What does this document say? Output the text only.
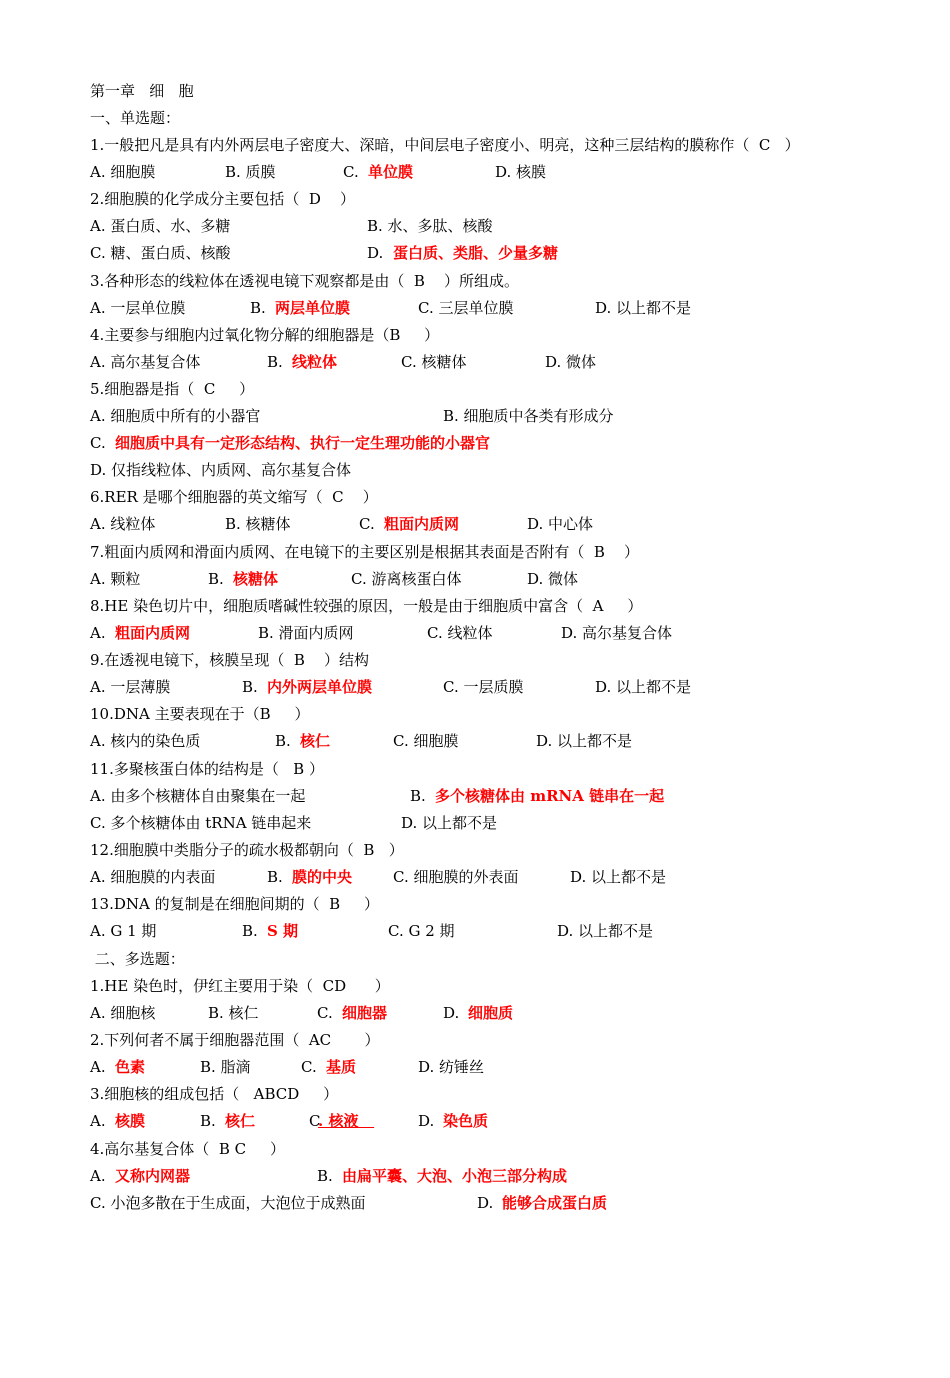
第一章   细   胞
一、单选题：
1.一般把凡是具有内外两层电子密度大、深暗，中间层电子密度小、明亮，这种三层结构的膜称作（  C   ）

A. 细胞膜

	B. 质膜

	C.

单位膜

	D. 核膜

2.细胞膜的化学成分主要包括（  D    ）

A. 蛋白质、水、多糖

	B. 水、多肽、核酸

C. 糖、蛋白质、核酸

	D.

蛋白质、类脂、少量多糖

3.各种形态的线粒体在透视电镜下观察都是由（  B    ）所组成。

A. 一层单位膜

	B.

两层单位膜

	C. 三层单位膜

	D. 以上都不是

4.主要参与细胞内过氧化物分解的细胞器是（B     ）

A. 高尔基复合体

	B.

线粒体

	C. 核糖体

	D. 微体

5.细胞器是指（  C     ）

A. 细胞质中所有的小器官

	B. 细胞质中各类有形成分

C.

细胞质中具有一定形态结构、执行一定生理功能的小器官

D. 仅指线粒体、内质网、高尔基复合体

6.RER 是哪个细胞器的英文缩写（  C    ）

A. 线粒体

	B. 核糖体

	C.

粗面内质网

	D. 中心体

7.粗面内质网和滑面内质网、在电镜下的主要区别是根据其表面是否附有（  B    ）

A. 颗粒

	B.

核糖体

	C. 游离核蛋白体

	D. 微体

8.HE 染色切片中，细胞质嗜碱性较强的原因，一般是由于细胞质中富含（  A     ）

A.

粗面内质网

	B. 滑面内质网

	C. 线粒体

	D. 高尔基复合体

9.在透视电镜下，核膜呈现（  B    ）结构

A. 一层薄膜

	B.

内外两层单位膜

	C. 一层质膜

	D. 以上都不是

10.DNA 主要表现在于（B     ）

A. 核内的染色质

	B.

核仁

	C. 细胞膜

	D. 以上都不是

11.多聚核蛋白体的结构是（   B ）

A. 由多个核糖体自由聚集在一起

	B.

多个核糖体由 mRNA 链串在一起

C. 多个核糖体由 tRNA 链串起来

	D. 以上都不是

12.细胞膜中类脂分子的疏水极都朝向（  B   ）

A. 细胞膜的内表面

	B.

膜的中央

	C. 细胞膜的外表面

	D. 以上都不是

13.DNA 的复制是在细胞间期的（  B     ）

A. G 1 期

	B.

S 期

	C. G 2 期

	D. 以上都不是

二、多选题：
1.HE 染色时，伊红主要用于染（  CD      ）

A. 细胞核

	B. 核仁

	C.

细胞器

	D.

细胞质

2.下列何者不属于细胞器范围（  AC       ）

A.

色素

	B. 脂滴

	C.

基质

	D. 纺锤丝

3.细胞核的组成包括（   ABCD     ）

A.

核膜

	B.

核仁

	C

. 核液

	D.

染色质

4.高尔基复合体（  B C     ）

A.

又称内网器

	B.

由扁平囊、大泡、小泡三部分构成

C. 小泡多散在于生成面，大泡位于成熟面

	D.

能够合成蛋白质
